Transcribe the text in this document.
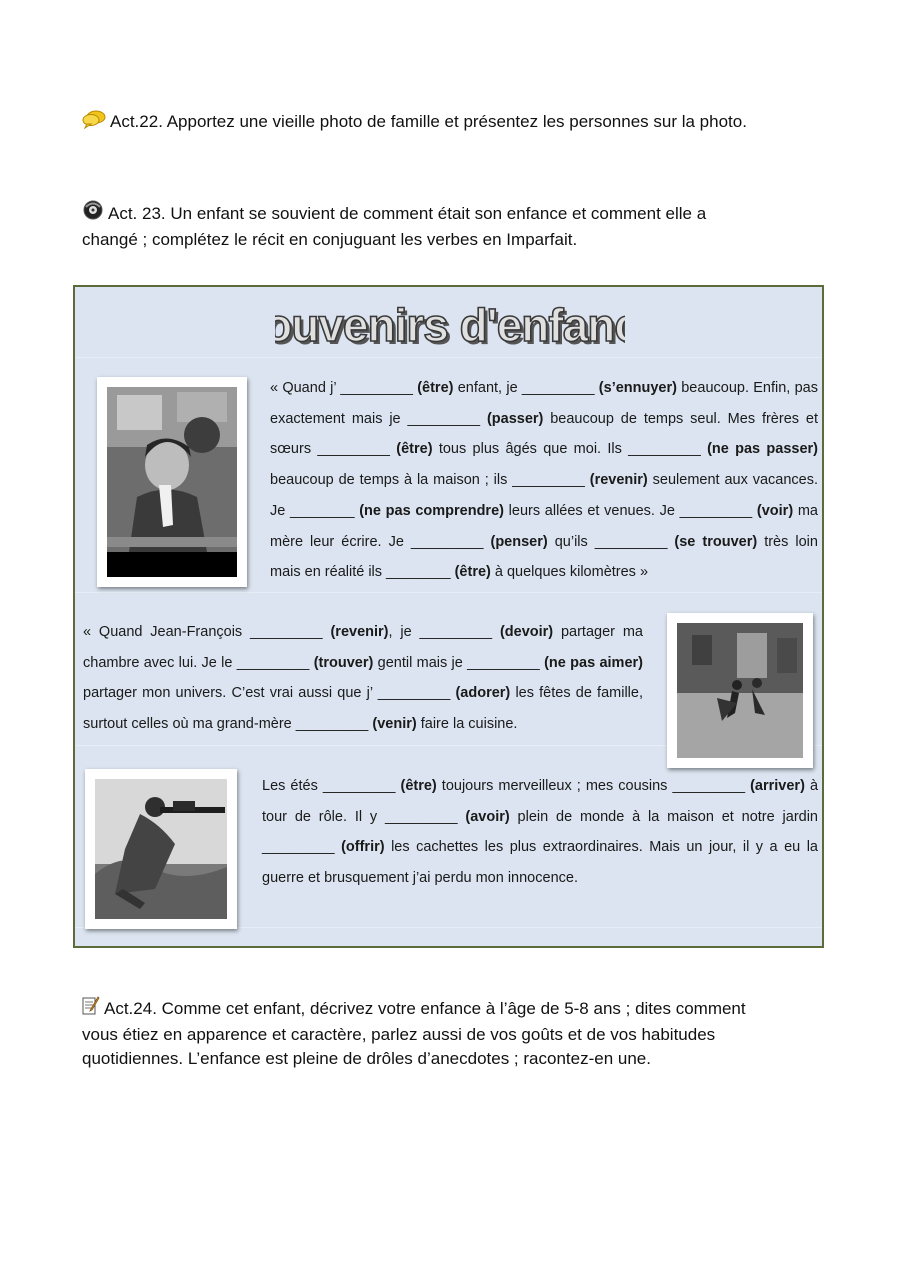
Act.22. Apportez une vieille photo de famille et présentez les personnes sur la photo.
Act. 23. Un enfant se souvient de comment était son enfance et comment elle a
changé ; complétez le récit en conjuguant les verbes en Imparfait.
ouvenirs d'enfan
ouvenirs d'enfan
« Quand j’ _________ (être) enfant, je _________ (s’ennuyer) beaucoup. Enfin, pas exactement mais je _________ (passer) beaucoup de temps seul. Mes frères et sœurs _________ (être) tous plus âgés que moi. Ils _________ (ne pas passer) beaucoup de temps à la maison ; ils _________ (revenir) seulement aux vacances. Je ________ (ne pas comprendre) leurs allées et venues. Je _________ (voir) ma mère leur écrire. Je _________ (penser) qu’ils _________ (se trouver) très loin mais en réalité ils ________ (être) à quelques kilomètres »
« Quand Jean-François _________ (revenir), je _________ (devoir) partager ma chambre avec lui. Je le _________ (trouver) gentil mais je _________ (ne pas aimer) partager mon univers. C’est vrai aussi que j’ _________ (adorer) les fêtes de famille, surtout celles où ma grand-mère _________ (venir) faire la cuisine.
Les étés _________ (être) toujours merveilleux ; mes cousins _________ (arriver) à tour de rôle. Il y _________ (avoir) plein de monde à la maison et notre jardin _________ (offrir) les cachettes les plus extraordinaires. Mais un jour, il y a eu la guerre et brusquement j’ai perdu mon innocence.
Act.24. Comme cet enfant, décrivez votre enfance à l’âge de 5-8 ans ; dites comment
vous étiez en apparence et caractère, parlez aussi de vos goûts et de vos habitudes
quotidiennes. L’enfance est pleine de drôles d’anecdotes ; racontez-en une.
